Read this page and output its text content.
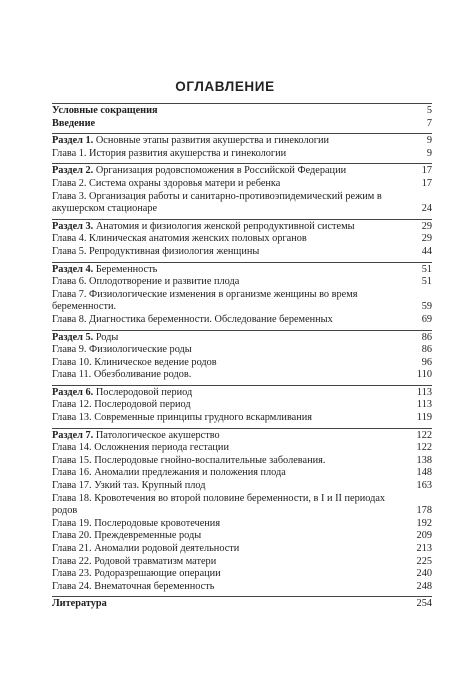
ОГЛАВЛЕНИЕ
Условные сокращения	5
Введение	7
Раздел 1. Основные этапы развития акушерства и гинекологии	9
Глава 1. История развития акушерства и гинекологии	9
Раздел 2. Организация родовспоможения в Российской Федерации	17
Глава 2. Система охраны здоровья матери и ребенка	17
Глава 3. Организация работы и санитарно-противоэпидемический режим в акушерском стационаре	24
Раздел 3. Анатомия и физиология женской репродуктивной системы	29
Глава 4. Клиническая анатомия женских половых органов	29
Глава 5. Репродуктивная физиология женщины	44
Раздел 4. Беременность	51
Глава 6. Оплодотворение и развитие плода	51
Глава 7. Физиологические изменения в организме женщины во время беременности.	59
Глава 8. Диагностика беременности. Обследование беременных	69
Раздел 5. Роды	86
Глава 9. Физиологические роды	86
Глава 10. Клиническое ведение родов	96
Глава 11. Обезболивание родов.	110
Раздел 6. Послеродовой период	113
Глава 12. Послеродовой период	113
Глава 13. Современные принципы грудного вскармливания	119
Раздел 7. Патологическое акушерство	122
Глава 14. Осложнения периода гестации	122
Глава 15. Послеродовые гнойно-воспалительные заболевания.	138
Глава 16. Аномалии предлежания и положения плода	148
Глава 17. Узкий таз. Крупный плод	163
Глава 18. Кровотечения во второй половине беременности, в I и II периодах родов	178
Глава 19. Послеродовые кровотечения	192
Глава 20. Преждевременные роды	209
Глава 21. Аномалии родовой деятельности	213
Глава 22. Родовой травматизм матери	225
Глава 23. Родоразрешающие операции	240
Глава 24. Внематочная беременность	248
Литература	254
